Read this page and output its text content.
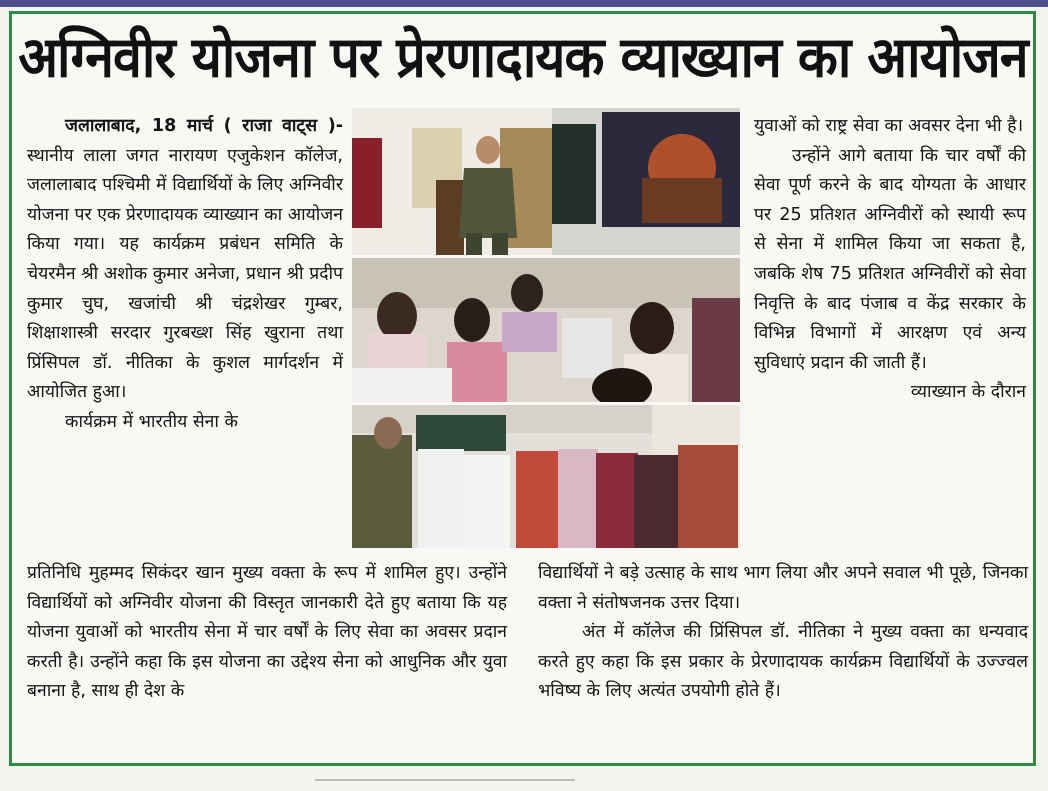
अग्निवीर योजना पर प्रेरणादायक व्याख्यान का आयोजन

जलालाबाद, 18 मार्च ( राजा वाट्स )- स्थानीय लाला जगत नारायण एजुकेशन कॉलेज, जलालाबाद पश्चिमी में विद्यार्थियों के लिए अग्निवीर योजना पर एक प्रेरणादायक व्याख्यान का आयोजन किया गया। यह कार्यक्रम प्रबंधन समिति के चेयरमैन श्री अशोक कुमार अनेजा, प्रधान श्री प्रदीप कुमार चुघ, खजांची श्री चंद्रशेखर गुम्बर, शिक्षाशास्त्री सरदार गुरबख्श सिंह खुराना तथा प्रिंसिपल डॉ. नीतिका के कुशल मार्गदर्शन में आयोजित हुआ।

कार्यक्रम में भारतीय सेना के

युवाओं को राष्ट्र सेवा का अवसर देना भी है।

उन्होंने आगे बताया कि चार वर्षों की सेवा पूर्ण करने के बाद योग्यता के आधार पर 25 प्रतिशत अग्निवीरों को स्थायी रूप से सेना में शामिल किया जा सकता है, जबकि शेष 75 प्रतिशत अग्निवीरों को सेवा निवृत्ति के बाद पंजाब व केंद्र सरकार के विभिन्न विभागों में आरक्षण एवं अन्य सुविधाएं प्रदान की जाती हैं।

व्याख्यान के दौरान

प्रतिनिधि मुहम्मद सिकंदर खान मुख्य वक्ता के रूप में शामिल हुए। उन्होंने विद्यार्थियों को अग्निवीर योजना की विस्तृत जानकारी देते हुए बताया कि यह योजना युवाओं को भारतीय सेना में चार वर्षों के लिए सेवा का अवसर प्रदान करती है। उन्होंने कहा कि इस योजना का उद्देश्य सेना को आधुनिक और युवा बनाना है, साथ ही देश के

विद्यार्थियों ने बड़े उत्साह के साथ भाग लिया और अपने सवाल भी पूछे, जिनका वक्ता ने संतोषजनक उत्तर दिया।

अंत में कॉलेज की प्रिंसिपल डॉ. नीतिका ने मुख्य वक्ता का धन्यवाद करते हुए कहा कि इस प्रकार के प्रेरणादायक कार्यक्रम विद्यार्थियों के उज्ज्वल भविष्य के लिए अत्यंत उपयोगी होते हैं।
